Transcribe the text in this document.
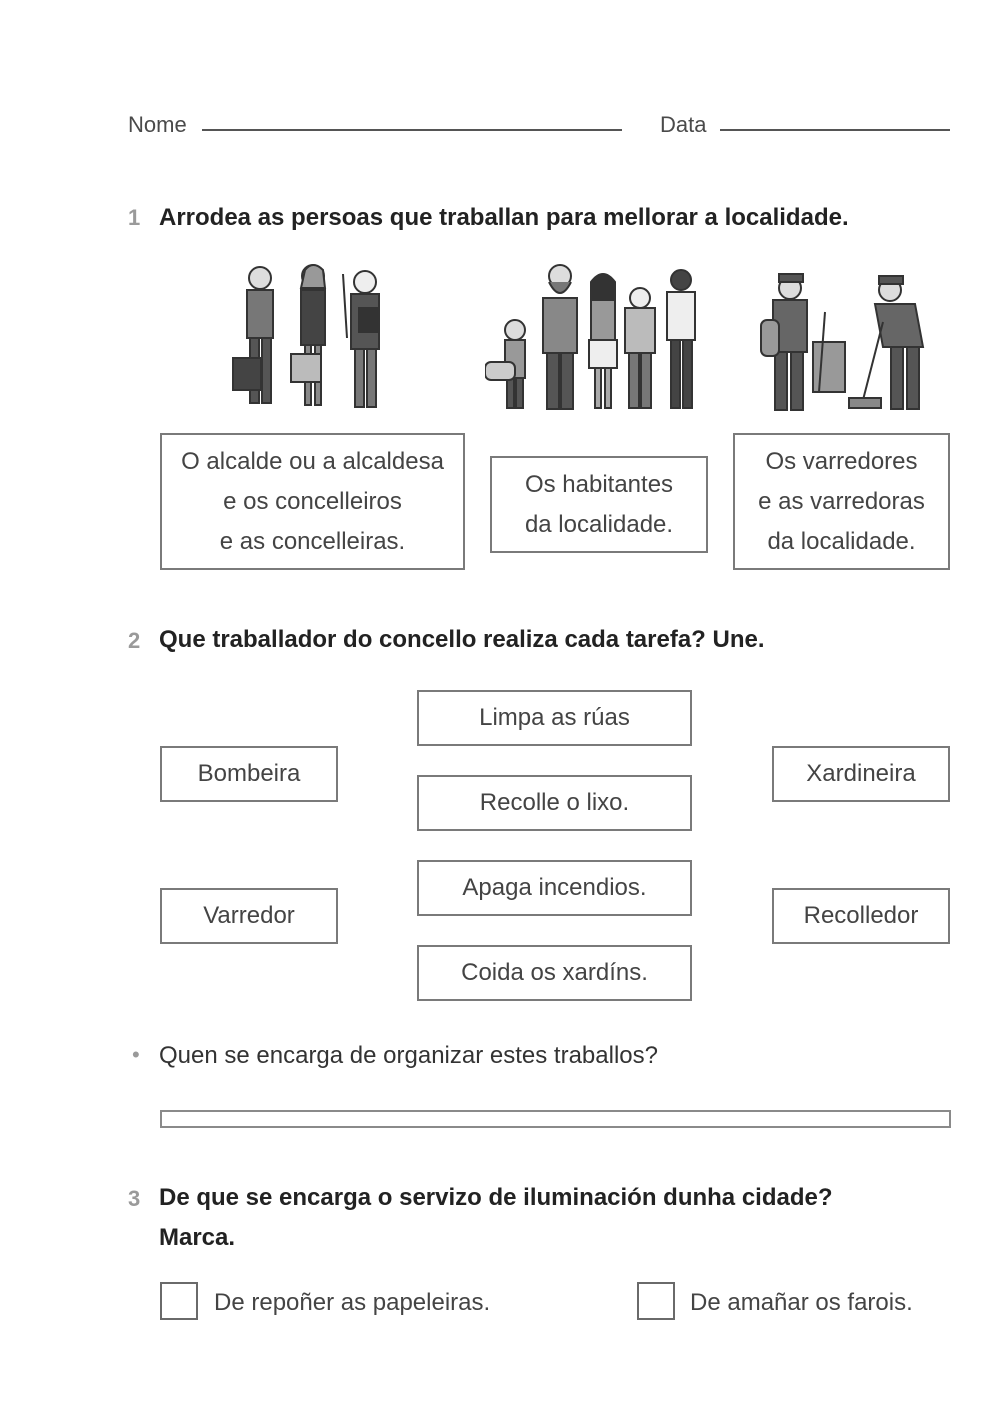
Nome	Data
1 Arrodea as persoas que traballan para mellorar a localidade.
O alcalde ou a alcaldesa
e os concelleiros
e as concelleiras.
Os habitantes
da localidade.
Os varredores
e as varredoras
da localidade.
2 Que traballador do concello realiza cada tarefa? Une.
Bombeira
Varredor
Limpa as rúas
Recolle o lixo.
Apaga incendios.
Coida os xardíns.
Xardineira
Recolledor
• Quen se encarga de organizar estes traballos?
3 De que se encarga o servizo de iluminación dunha cidade?
Marca.
De repoñer as papeleiras.	De amañar os farois.
